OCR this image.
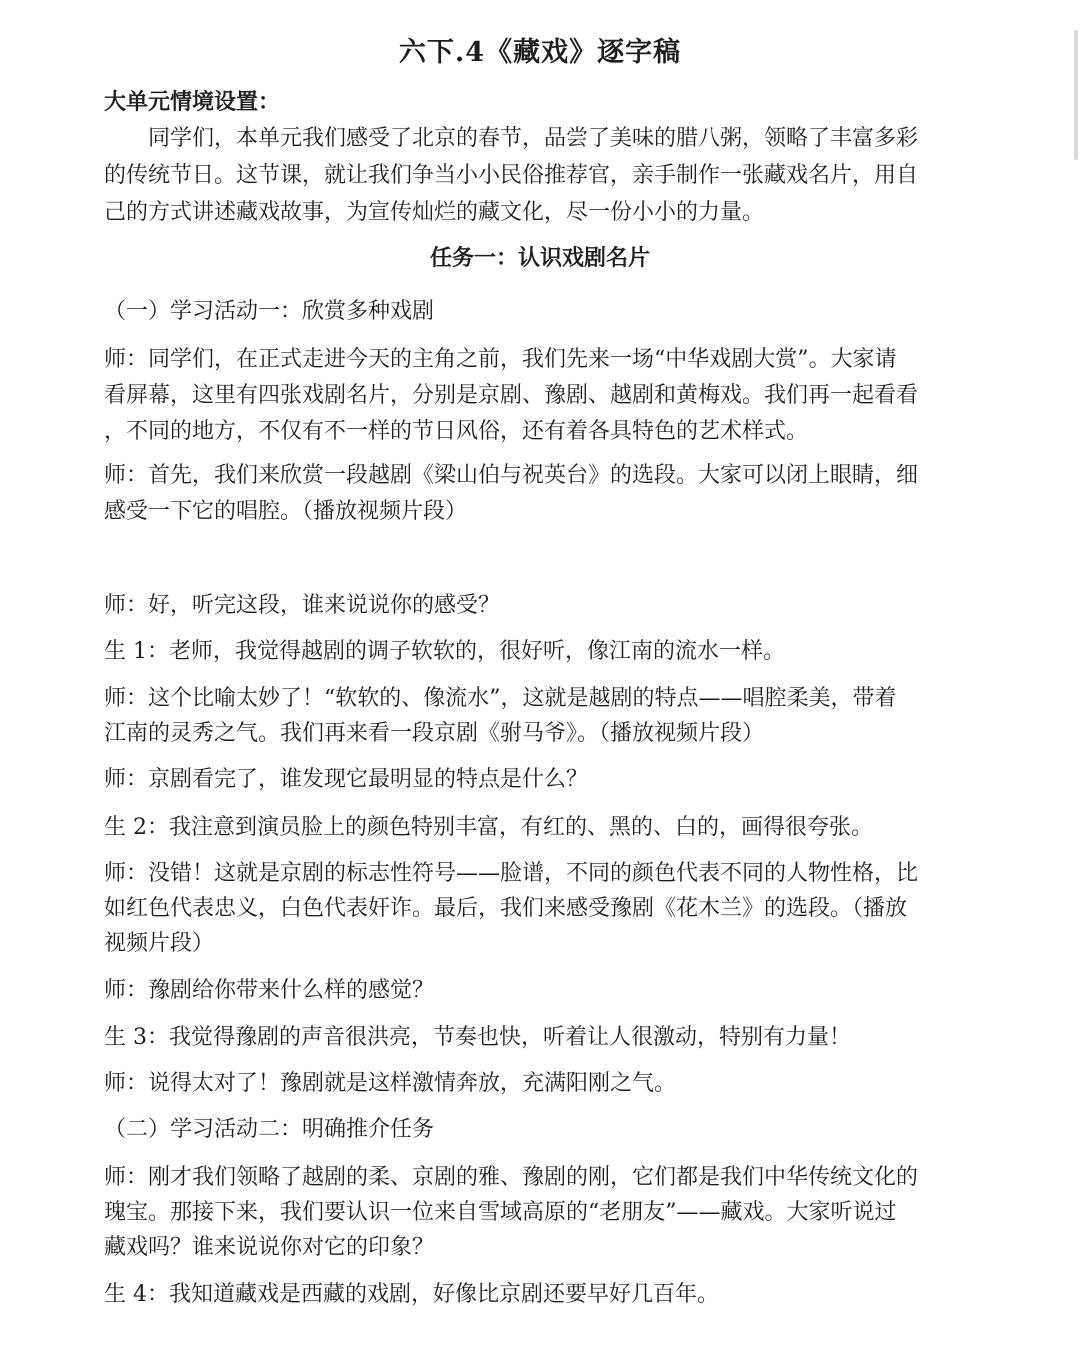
六下.4《藏戏》逐字稿
大单元情境设置：
同学们，本单元我们感受了北京的春节，品尝了美味的腊八粥，领略了丰富多彩
的传统节日。这节课，就让我们争当小小民俗推荐官，亲手制作一张藏戏名片，用自
己的方式讲述藏戏故事，为宣传灿烂的藏文化，尽一份小小的力量。
任务一：认识戏剧名片
（一）学习活动一：欣赏多种戏剧
师：同学们，在正式走进今天的主角之前，我们先来一场“中华戏剧大赏”。大家请
看屏幕，这里有四张戏剧名片，分别是京剧、豫剧、越剧和黄梅戏。我们再一起看看
，不同的地方，不仅有不一样的节日风俗，还有着各具特色的艺术样式。
师：首先，我们来欣赏一段越剧《梁山伯与祝英台》的选段。大家可以闭上眼睛，细
感受一下它的唱腔。（播放视频片段）
师：好，听完这段，谁来说说你的感受？
生 1：老师，我觉得越剧的调子软软的，很好听，像江南的流水一样。
师：这个比喻太妙了！“软软的、像流水”，这就是越剧的特点——唱腔柔美，带着
江南的灵秀之气。我们再来看一段京剧《驸马爷》。（播放视频片段）
师：京剧看完了，谁发现它最明显的特点是什么？
生 2：我注意到演员脸上的颜色特别丰富，有红的、黑的、白的，画得很夸张。
师：没错！这就是京剧的标志性符号——脸谱，不同的颜色代表不同的人物性格，比
如红色代表忠义，白色代表奸诈。最后，我们来感受豫剧《花木兰》的选段。（播放
视频片段）
师：豫剧给你带来什么样的感觉？
生 3：我觉得豫剧的声音很洪亮，节奏也快，听着让人很激动，特别有力量！
师：说得太对了！豫剧就是这样激情奔放，充满阳刚之气。
（二）学习活动二：明确推介任务
师：刚才我们领略了越剧的柔、京剧的雅、豫剧的刚，它们都是我们中华传统文化的
瑰宝。那接下来，我们要认识一位来自雪域高原的“老朋友”——藏戏。大家听说过
藏戏吗？谁来说说你对它的印象？
生 4：我知道藏戏是西藏的戏剧，好像比京剧还要早好几百年。
